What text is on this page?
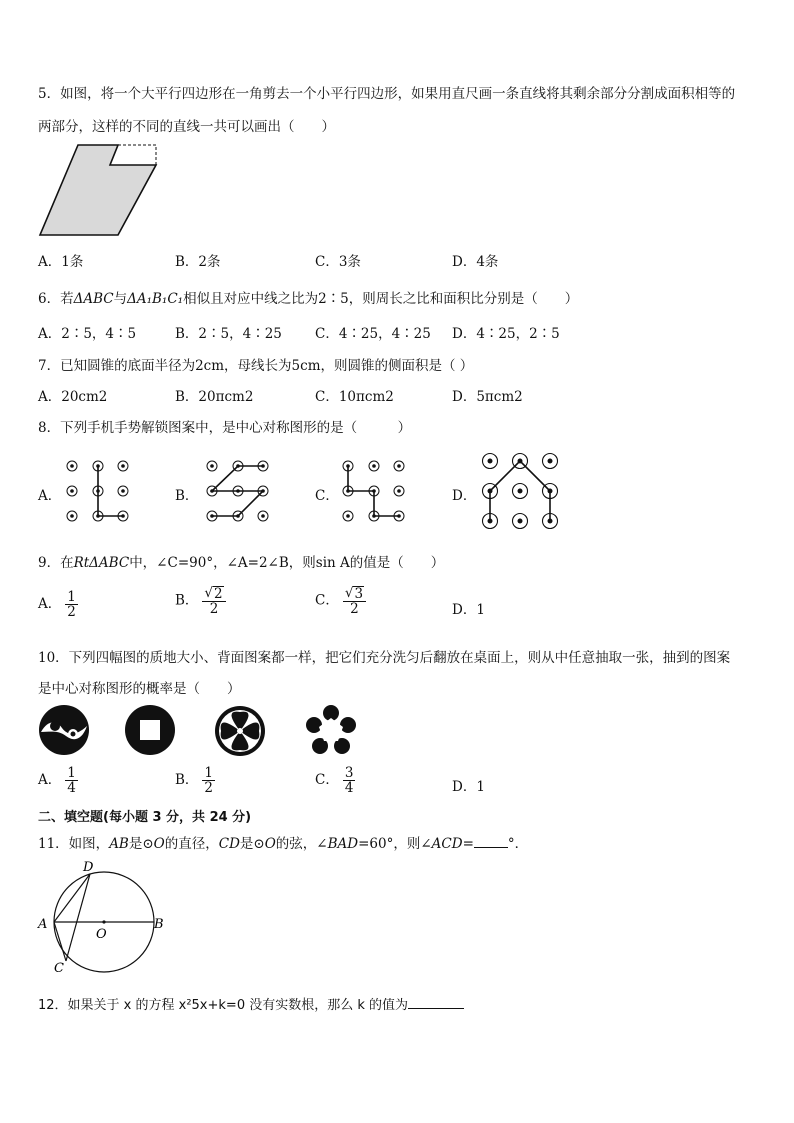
5．如图，将一个大平行四边形在一角剪去一个小平行四边形，如果用直尺画一条直线将其剩余部分分割成面积相等的
两部分，这样的不同的直线一共可以画出（　　）
A．1条	B．2条	C．3条	D．4条
6．若ΔABC与ΔA₁B₁C₁相似且对应中线之比为2∶5，则周长之比和面积比分别是（　　）
A．2∶5，4∶5	B．2∶5，4∶25 C．4∶25，4∶25 D．4∶25，2∶5
7．已知圆锥的底面半径为2cm，母线长为5cm，则圆锥的侧面积是（ ）
A．20cm2	B．20πcm2	C．10πcm2	D．5πcm2
8．下列手机手势解锁图案中，是中心对称图形的是（　　　）
A．	B．	C．	D．
9．在RtΔABC中，∠C=90°，∠A=2∠B，则sin A的值是（　　）
A． $\frac{1}{2}$	B． $\frac{√ 2}{2}$	C． $\frac{√ 3}{2}$	D．1
10．下列四幅图的质地大小、背面图案都一样，把它们充分洗匀后翻放在桌面上，则从中任意抽取一张，抽到的图案
是中心对称图形的概率是（　　）
A． $\frac{1}{4}$	B． $\frac{1}{2}$	C． $\frac{3}{4}$	D．1
二、填空题(每小题 3 分，共 24 分)
11．如图，AB是⊙O的直径，CD是⊙O的弦，∠BAD=60°，则∠ACD=	°．
A	B
D
C
O
12．如果关于 x 的方程 x²5x+k=0 没有实数根，那么 k 的值为
